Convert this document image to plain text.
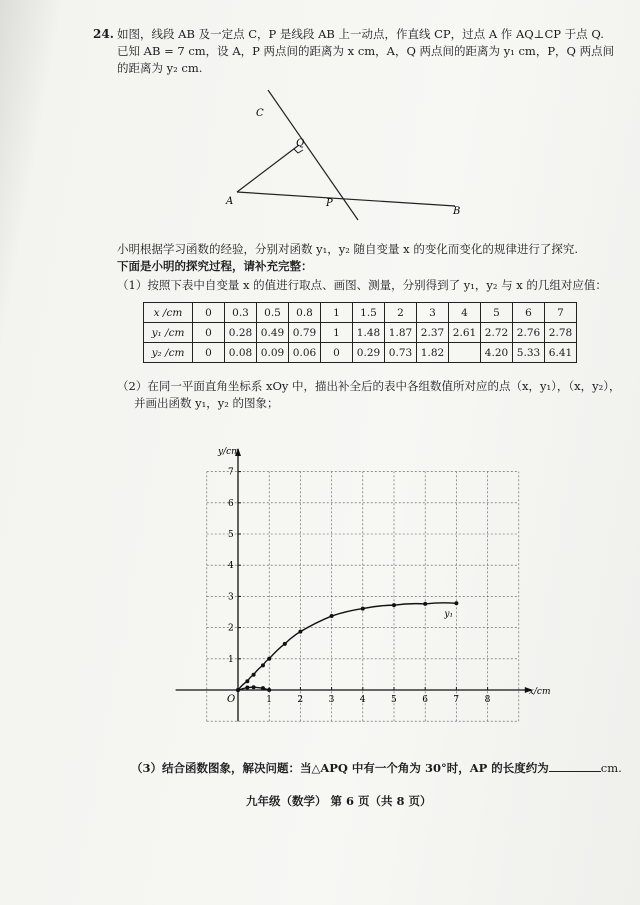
24. 如图，线段 AB 及一定点 C，P 是线段 AB 上一动点，作直线 CP，过点 A 作 AQ⊥CP 于点 Q.
已知 AB = 7 cm，设 A，P 两点间的距离为 x cm，A，Q 两点间的距离为 y₁ cm，P，Q 两点间
的距离为 y₂ cm.
C
Q
A	P
B
小明根据学习函数的经验，分别对函数 y₁，y₂ 随自变量 x 的变化而变化的规律进行了探究.
下面是小明的探究过程，请补充完整：
（1）按照下表中自变量 x 的值进行取点、画图、测量，分别得到了 y₁，y₂ 与 x 的几组对应值：
x /cm	0	0.3	0.5	0.8	1	1.5	2	3	4	5	6	7
y₁ /cm	0	0.28	0.49	0.79	1	1.48	1.87	2.37	2.61	2.72	2.76	2.78
y₂ /cm	0	0.08	0.09	0.06	0	0.29	0.73	1.82		4.20	5.33	6.41
（2）在同一平面直角坐标系 xOy 中，描出补全后的表中各组数值所对应的点（x，y₁），（x，y₂），
并画出函数 y₁，y₂ 的图象；
1	2	3	4	5	6	7	8
1
2
3
4
5
6
7
x/cm
y/cm
O
y₁
（3）结合函数图象，解决问题：当△APQ 中有一个角为 30°时，AP 的长度约为	cm.
九年级（数学） 第 6 页（共 8 页）
